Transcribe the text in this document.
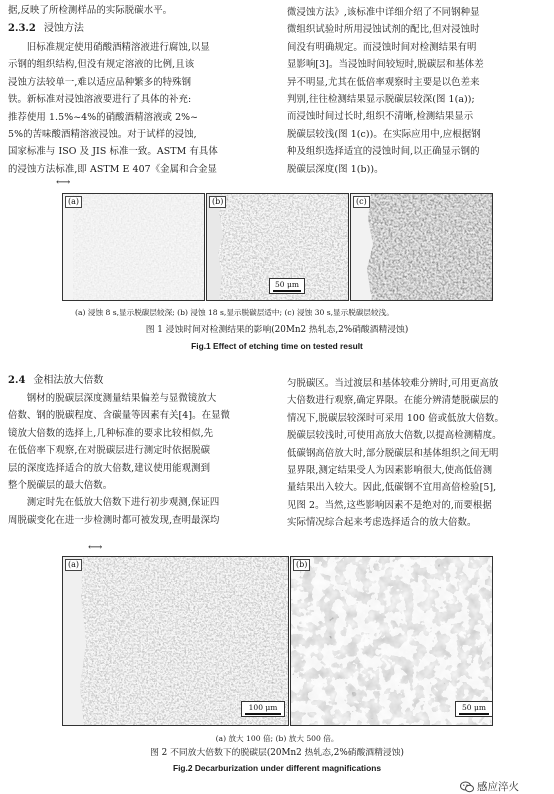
据,反映了所检测样品的实际脱碳水平。

2.3.2 浸蚀方法

旧标准规定使用硝酸酒精溶液进行腐蚀,以显

示钢的组织结构,但没有规定溶液的比例,且该

浸蚀方法较单一,难以适应品种繁多的特殊钢

铁。新标准对浸蚀溶液要进行了具体的补充:

推荐使用 1.5%~4%的硝酸酒精溶液或 2%~

5%的苦味酸酒精溶液浸蚀。对于试样的浸蚀,

国家标准与 ISO 及 JIS 标准一致。ASTM 有具体

的浸蚀方法标准,即 ASTM E 407《金属和合金显

微浸蚀方法》,该标准中详细介绍了不同钢种显

微组织试验时所用浸蚀试剂的配比,但对浸蚀时

间没有明确规定。而浸蚀时间对检测结果有明

显影响[3]。当浸蚀时间较短时,脱碳层和基体差

异不明显,尤其在低倍率观察时主要是以色差来

判别,往往检测结果显示脱碳层较深(图 1(a));

而浸蚀时间过长时,组织不清晰,检测结果显示

脱碳层较浅(图 1(c))。在实际应用中,应根据钢

种及组织选择适宜的浸蚀时间,以正确显示钢的

脱碳层深度(图 1(b))。

⟷
(a)	(b)
50 μm
(c)
(a) 浸蚀 8 s,显示脱碳层较深; (b) 浸蚀 18 s,显示脱碳层适中; (c) 浸蚀 30 s,显示脱碳层较浅。
图 1 浸蚀时间对检测结果的影响(20Mn2 热轧态,2%硝酸酒精浸蚀)
Fig.1 Effect of etching time on tested result
2.4 金相法放大倍数

钢材的脱碳层深度测量结果偏差与显微镜放大

倍数、钢的脱碳程度、含碳量等因素有关[4]。在显微

镜放大倍数的选择上,几种标准的要求比较相似,先

在低倍率下观察,在对脱碳层进行测定时依据脱碳

层的深度选择适合的放大倍数,建议使用能观测到

整个脱碳层的最大倍数。

测定时先在低放大倍数下进行初步观测,保证四

周脱碳变化在进一步检测时都可被发现,查明最深均

匀脱碳区。当过渡层和基体较难分辨时,可用更高放

大倍数进行观察,确定界限。在能分辨清楚脱碳层的

情况下,脱碳层较深时可采用 100 倍或低放大倍数。

脱碳层较浅时,可使用高放大倍数,以提高检测精度。

低碳钢高倍放大时,部分脱碳层和基体组织之间无明

显界限,测定结果受人为因素影响很大,使高低倍测

量结果出入较大。因此,低碳钢不宜用高倍检验[5],

见图 2。当然,这些影响因素不是绝对的,而要根据

实际情况综合起来考虑选择适合的放大倍数。

⟷
(a)
100 μm
(b)
50 μm
(a) 放大 100 倍; (b) 放大 500 倍。
图 2 不同放大倍数下的脱碳层(20Mn2 热轧态,2%硝酸酒精浸蚀)
Fig.2 Decarburization under different magnifications
感应淬火
